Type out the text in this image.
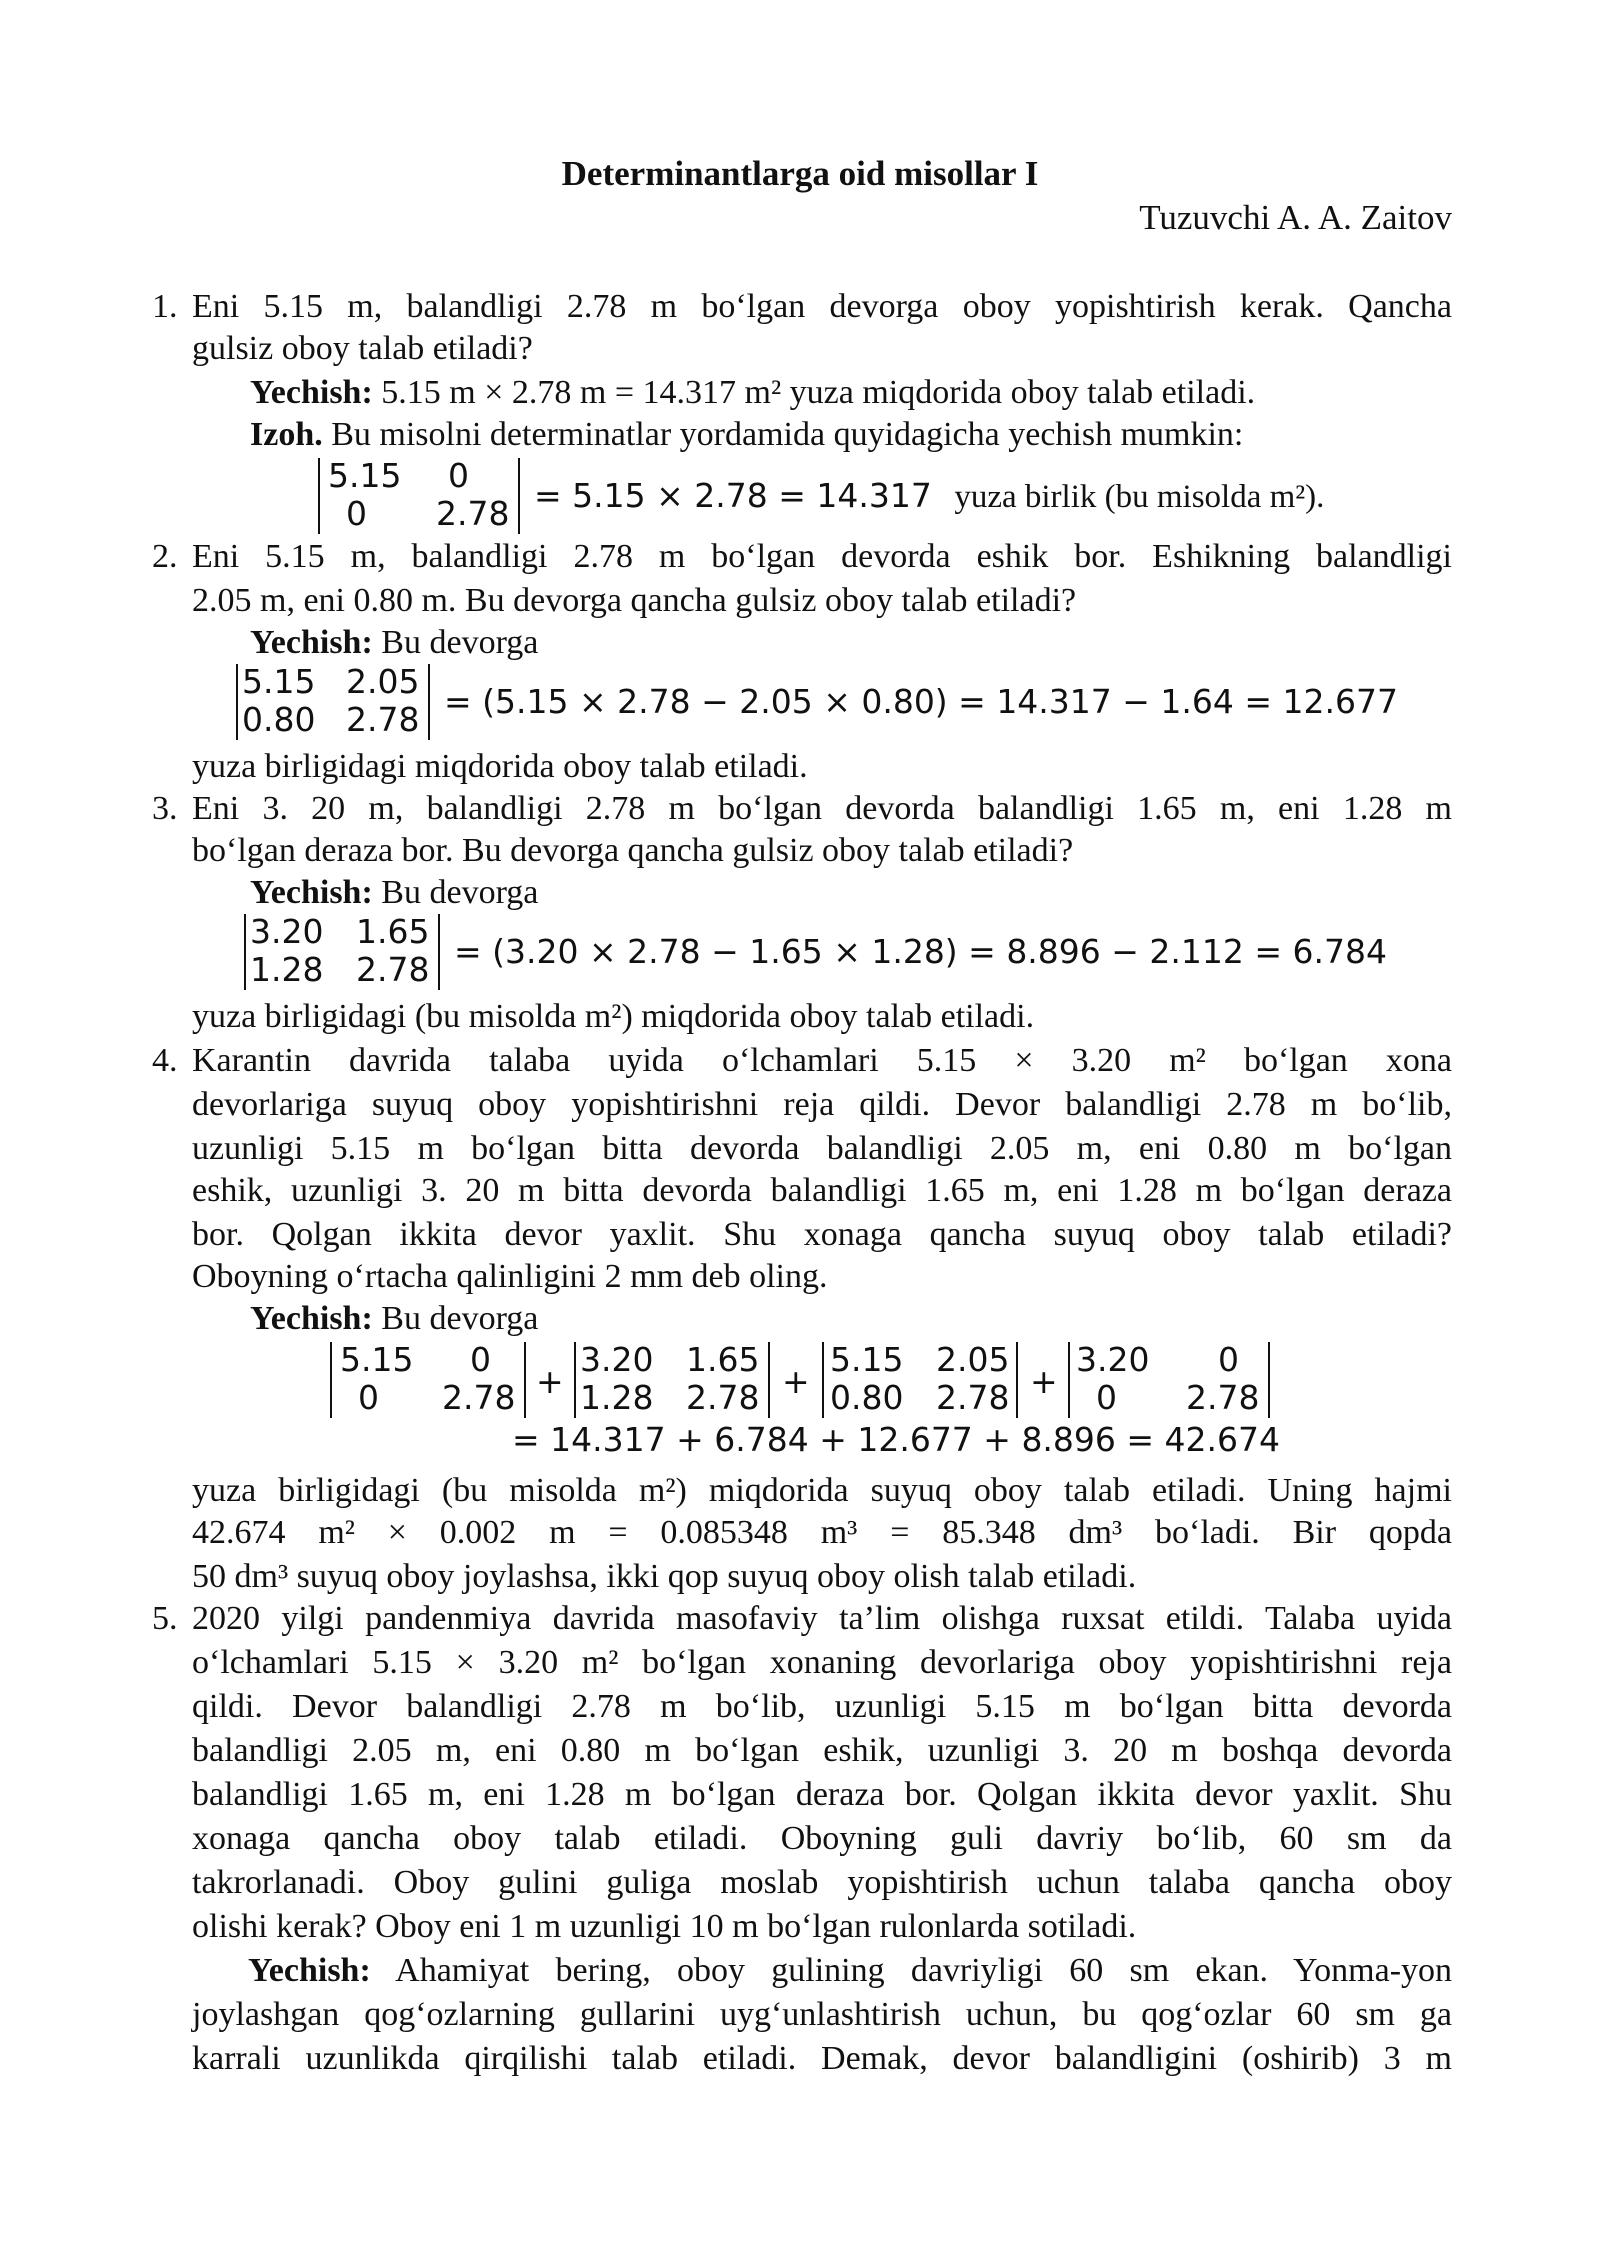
Determinantlarga oid misollar I
Tuzuvchi A. A. Zaitov
1. Eni 5.15 m, balandligi 2.78 m bo‘lgan devorga oboy yopishtirish kerak. Qancha
gulsiz oboy talab etiladi?
Yechish: 5.15 m × 2.78 m = 14.317 m² yuza miqdorida oboy talab etiladi.
Izoh. Bu misolni determinatlar yordamida quyidagicha yechish mumkin:
5.15 0
0 2.78 = 5.15 × 2.78 = 14.317 yuza birlik (bu misolda m²).
2. Eni 5.15 m, balandligi 2.78 m bo‘lgan devorda eshik bor. Eshikning balandligi
2.05 m, eni 0.80 m. Bu devorga qancha gulsiz oboy talab etiladi?
Yechish: Bu devorga
5.15 2.05
0.80 2.78 = (5.15 × 2.78 − 2.05 × 0.80) = 14.317 − 1.64 = 12.677
yuza birligidagi miqdorida oboy talab etiladi.
3. Eni 3. 20 m, balandligi 2.78 m bo‘lgan devorda balandligi 1.65 m, eni 1.28 m
bo‘lgan deraza bor. Bu devorga qancha gulsiz oboy talab etiladi?
Yechish: Bu devorga
3.20 1.65
1.28 2.78 = (3.20 × 2.78 − 1.65 × 1.28) = 8.896 − 2.112 = 6.784
yuza birligidagi (bu misolda m²) miqdorida oboy talab etiladi.
4. Karantin davrida talaba uyida o‘lchamlari 5.15 × 3.20 m² bo‘lgan xona
devorlariga suyuq oboy yopishtirishni reja qildi. Devor balandligi 2.78 m bo‘lib,
uzunligi 5.15 m bo‘lgan bitta devorda balandligi 2.05 m, eni 0.80 m bo‘lgan
eshik, uzunligi 3. 20 m bitta devorda balandligi 1.65 m, eni 1.28 m bo‘lgan deraza
bor. Qolgan ikkita devor yaxlit. Shu xonaga qancha suyuq oboy talab etiladi?
Oboyning o‘rtacha qalinligini 2 mm deb oling.
Yechish: Bu devorga
5.15 0
0 2.78 +
3.20 1.65
1.28 2.78 +
5.15 2.05
0.80 2.78 +
3.20 0
0 2.78
= 14.317 + 6.784 + 12.677 + 8.896 = 42.674
yuza birligidagi (bu misolda m²) miqdorida suyuq oboy talab etiladi. Uning hajmi
42.674 m² × 0.002 m = 0.085348 m³ = 85.348 dm³ bo‘ladi. Bir qopda
50 dm³ suyuq oboy joylashsa, ikki qop suyuq oboy olish talab etiladi.
5. 2020 yilgi pandenmiya davrida masofaviy ta’lim olishga ruxsat etildi. Talaba uyida
o‘lchamlari 5.15 × 3.20 m² bo‘lgan xonaning devorlariga oboy yopishtirishni reja
qildi. Devor balandligi 2.78 m bo‘lib, uzunligi 5.15 m bo‘lgan bitta devorda
balandligi 2.05 m, eni 0.80 m bo‘lgan eshik, uzunligi 3. 20 m boshqa devorda
balandligi 1.65 m, eni 1.28 m bo‘lgan deraza bor. Qolgan ikkita devor yaxlit. Shu
xonaga qancha oboy talab etiladi. Oboyning guli davriy bo‘lib, 60 sm da
takrorlanadi. Oboy gulini guliga moslab yopishtirish uchun talaba qancha oboy
olishi kerak? Oboy eni 1 m uzunligi 10 m bo‘lgan rulonlarda sotiladi.
Yechish: Ahamiyat bering, oboy gulining davriyligi 60 sm ekan. Yonma-yon
joylashgan qog‘ozlarning gullarini uyg‘unlashtirish uchun, bu qog‘ozlar 60 sm ga
karrali uzunlikda qirqilishi talab etiladi. Demak, devor balandligini (oshirib) 3 m
